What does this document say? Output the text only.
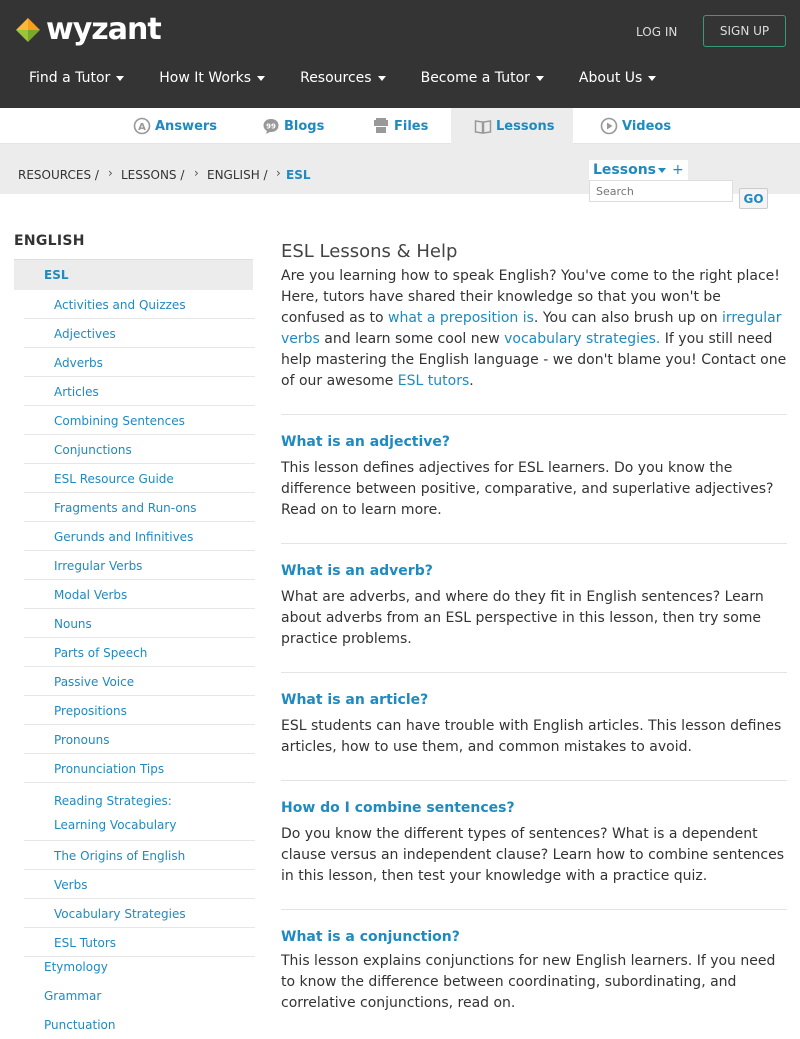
wyzant	LOG IN	SIGN UP
Find a Tutor	How It Works	Resources	Become a Tutor	About Us
A Answers	99 Blogs	Files	Lessons	Videos
RESOURCES / › LESSONS / › ENGLISH / › ESL	Lessons +
Search
GO
ENGLISH
ESL
Activities and Quizzes
Adjectives
Adverbs
Articles
Combining Sentences
Conjunctions
ESL Resource Guide
Fragments and Run-ons
Gerunds and Infinitives
Irregular Verbs
Modal Verbs
Nouns
Parts of Speech
Passive Voice
Prepositions
Pronouns
Pronunciation Tips
Reading Strategies: Learning Vocabulary
The Origins of English
Verbs
Vocabulary Strategies
ESL Tutors
Etymology
Grammar
Punctuation
ESL Lessons & Help

Are you learning how to speak English? You've come to the right place! Here, tutors have shared their knowledge so that you won't be confused as to what a preposition is. You can also brush up on irregular verbs and learn some cool new vocabulary strategies. If you still need help mastering the English language - we don't blame you! Contact one of our awesome ESL tutors.

What is an adjective?

This lesson defines adjectives for ESL learners. Do you know the difference between positive, comparative, and superlative adjectives? Read on to learn more.

What is an adverb?

What are adverbs, and where do they fit in English sentences? Learn about adverbs from an ESL perspective in this lesson, then try some practice problems.

What is an article?

ESL students can have trouble with English articles. This lesson defines articles, how to use them, and common mistakes to avoid.

How do I combine sentences?

Do you know the different types of sentences? What is a dependent clause versus an independent clause? Learn how to combine sentences in this lesson, then test your knowledge with a practice quiz.

What is a conjunction?

This lesson explains conjunctions for new English learners. If you need to know the difference between coordinating, subordinating, and correlative conjunctions, read on.
